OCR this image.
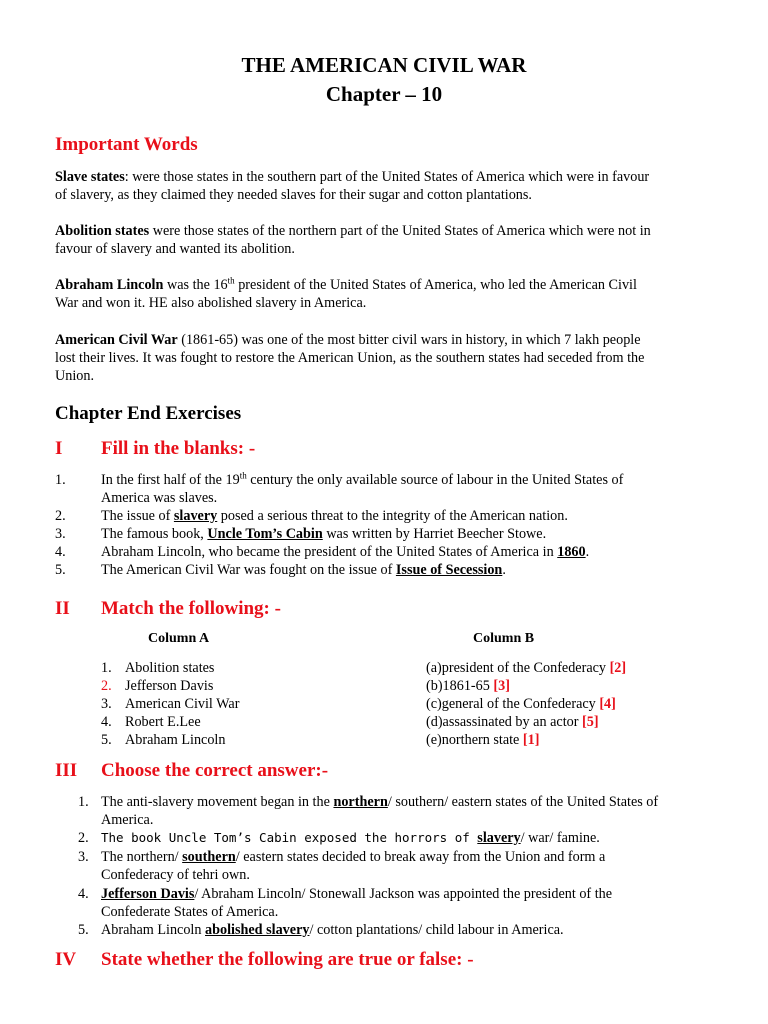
THE AMERICAN CIVIL WAR
Chapter – 10
Important Words
Slave states: were those states in the southern part of the United States of America which were in favour
of slavery, as they claimed they needed slaves for their sugar and cotton plantations.
Abolition states were those states of the northern part of the United States of America which were not in
favour of slavery and wanted its abolition.
Abraham Lincoln was the 16th president of the United States of America, who led the American Civil
War and won it. HE also abolished slavery in America.
American Civil War (1861-65) was one of the most bitter civil wars in history, in which 7 lakh people
lost their lives. It was fought to restore the American Union, as the southern states had seceded from the
Union.
Chapter End Exercises
I Fill in the blanks: -
1. In the first half of the 19th century the only available source of labour in the United States of
America was slaves.
2. The issue of slavery posed a serious threat to the integrity of the American nation.
3. The famous book, Uncle Tom’s Cabin was written by Harriet Beecher Stowe.
4. Abraham Lincoln, who became the president of the United States of America in 1860.
5. The American Civil War was fought on the issue of Issue of Secession.
II Match the following: -
Column A	Column B
1. Abolition states	(a)president of the Confederacy [2]
2. Jefferson Davis	(b)1861-65 [3]
3. American Civil War	(c)general of the Confederacy [4]
4. Robert E.Lee	(d)assassinated by an actor [5]
5. Abraham Lincoln	(e)northern state [1]
III Choose the correct answer:-
1. The anti-slavery movement began in the northern/ southern/ eastern states of the United States of
America.
2. The book Uncle Tom’s Cabin exposed the horrors of slavery/ war/ famine.
3. The northern/ southern/ eastern states decided to break away from the Union and form a
Confederacy of tehri own.
4. Jefferson Davis/ Abraham Lincoln/ Stonewall Jackson was appointed the president of the
Confederate States of America.
5. Abraham Lincoln abolished slavery/ cotton plantations/ child labour in America.
IV State whether the following are true or false: -
